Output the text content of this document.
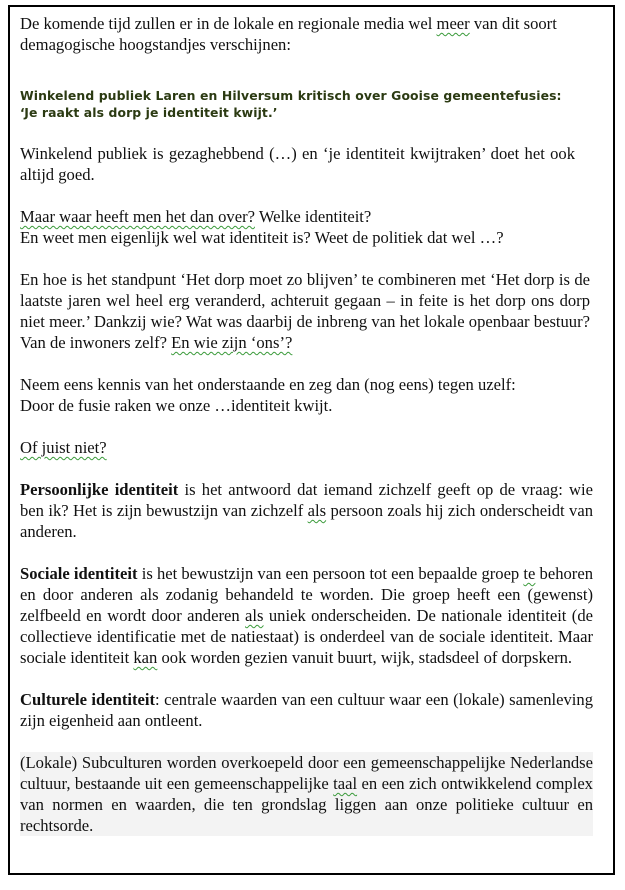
De komende tijd zullen er in de lokale en regionale media wel meer van dit soort demagogische hoogstandjes verschijnen:

Winkelend publiek Laren en Hilversum kritisch over Gooise gemeentefusies:
‘Je raakt als dorp je identiteit kwijt.’

Winkelend publiek is gezaghebbend (…) en ‘je identiteit kwijtraken’ doet het ook altijd goed.

Maar waar heeft men het dan over? Welke identiteit?
En weet men eigenlijk wel wat identiteit is? Weet de politiek dat wel …?

En hoe is het standpunt ‘Het dorp moet zo blijven’ te combineren met ‘Het dorp is de laatste jaren wel heel erg veranderd, achteruit gegaan – in feite is het dorp ons dorp niet meer.’ Dankzij wie? Wat was daarbij de inbreng van het lokale openbaar bestuur? Van de inwoners zelf? En wie zijn ‘ons’?

Neem eens kennis van het onderstaande en zeg dan (nog eens) tegen uzelf:
Door de fusie raken we onze …identiteit kwijt.

Of juist niet?

Persoonlijke identiteit is het antwoord dat iemand zichzelf geeft op de vraag: wie ben ik? Het is zijn bewustzijn van zichzelf als persoon zoals hij zich onderscheidt van anderen.

Sociale identiteit is het bewustzijn van een persoon tot een bepaalde groep te behoren en door anderen als zodanig behandeld te worden. Die groep heeft een (gewenst) zelfbeeld en wordt door anderen als uniek onderscheiden. De nationale identiteit (de collectieve identificatie met de natiestaat) is onderdeel van de sociale identiteit. Maar sociale identiteit kan ook worden gezien vanuit buurt, wijk, stadsdeel of dorpskern.

Culturele identiteit: centrale waarden van een cultuur waar een (lokale) samenleving zijn eigenheid aan ontleent.

(Lokale) Subculturen worden overkoepeld door een gemeenschappelijke Nederlandse cultuur, bestaande uit een gemeenschappelijke taal en een zich ontwikkelend complex van normen en waarden, die ten grondslag liggen aan onze politieke cultuur en rechtsorde.
